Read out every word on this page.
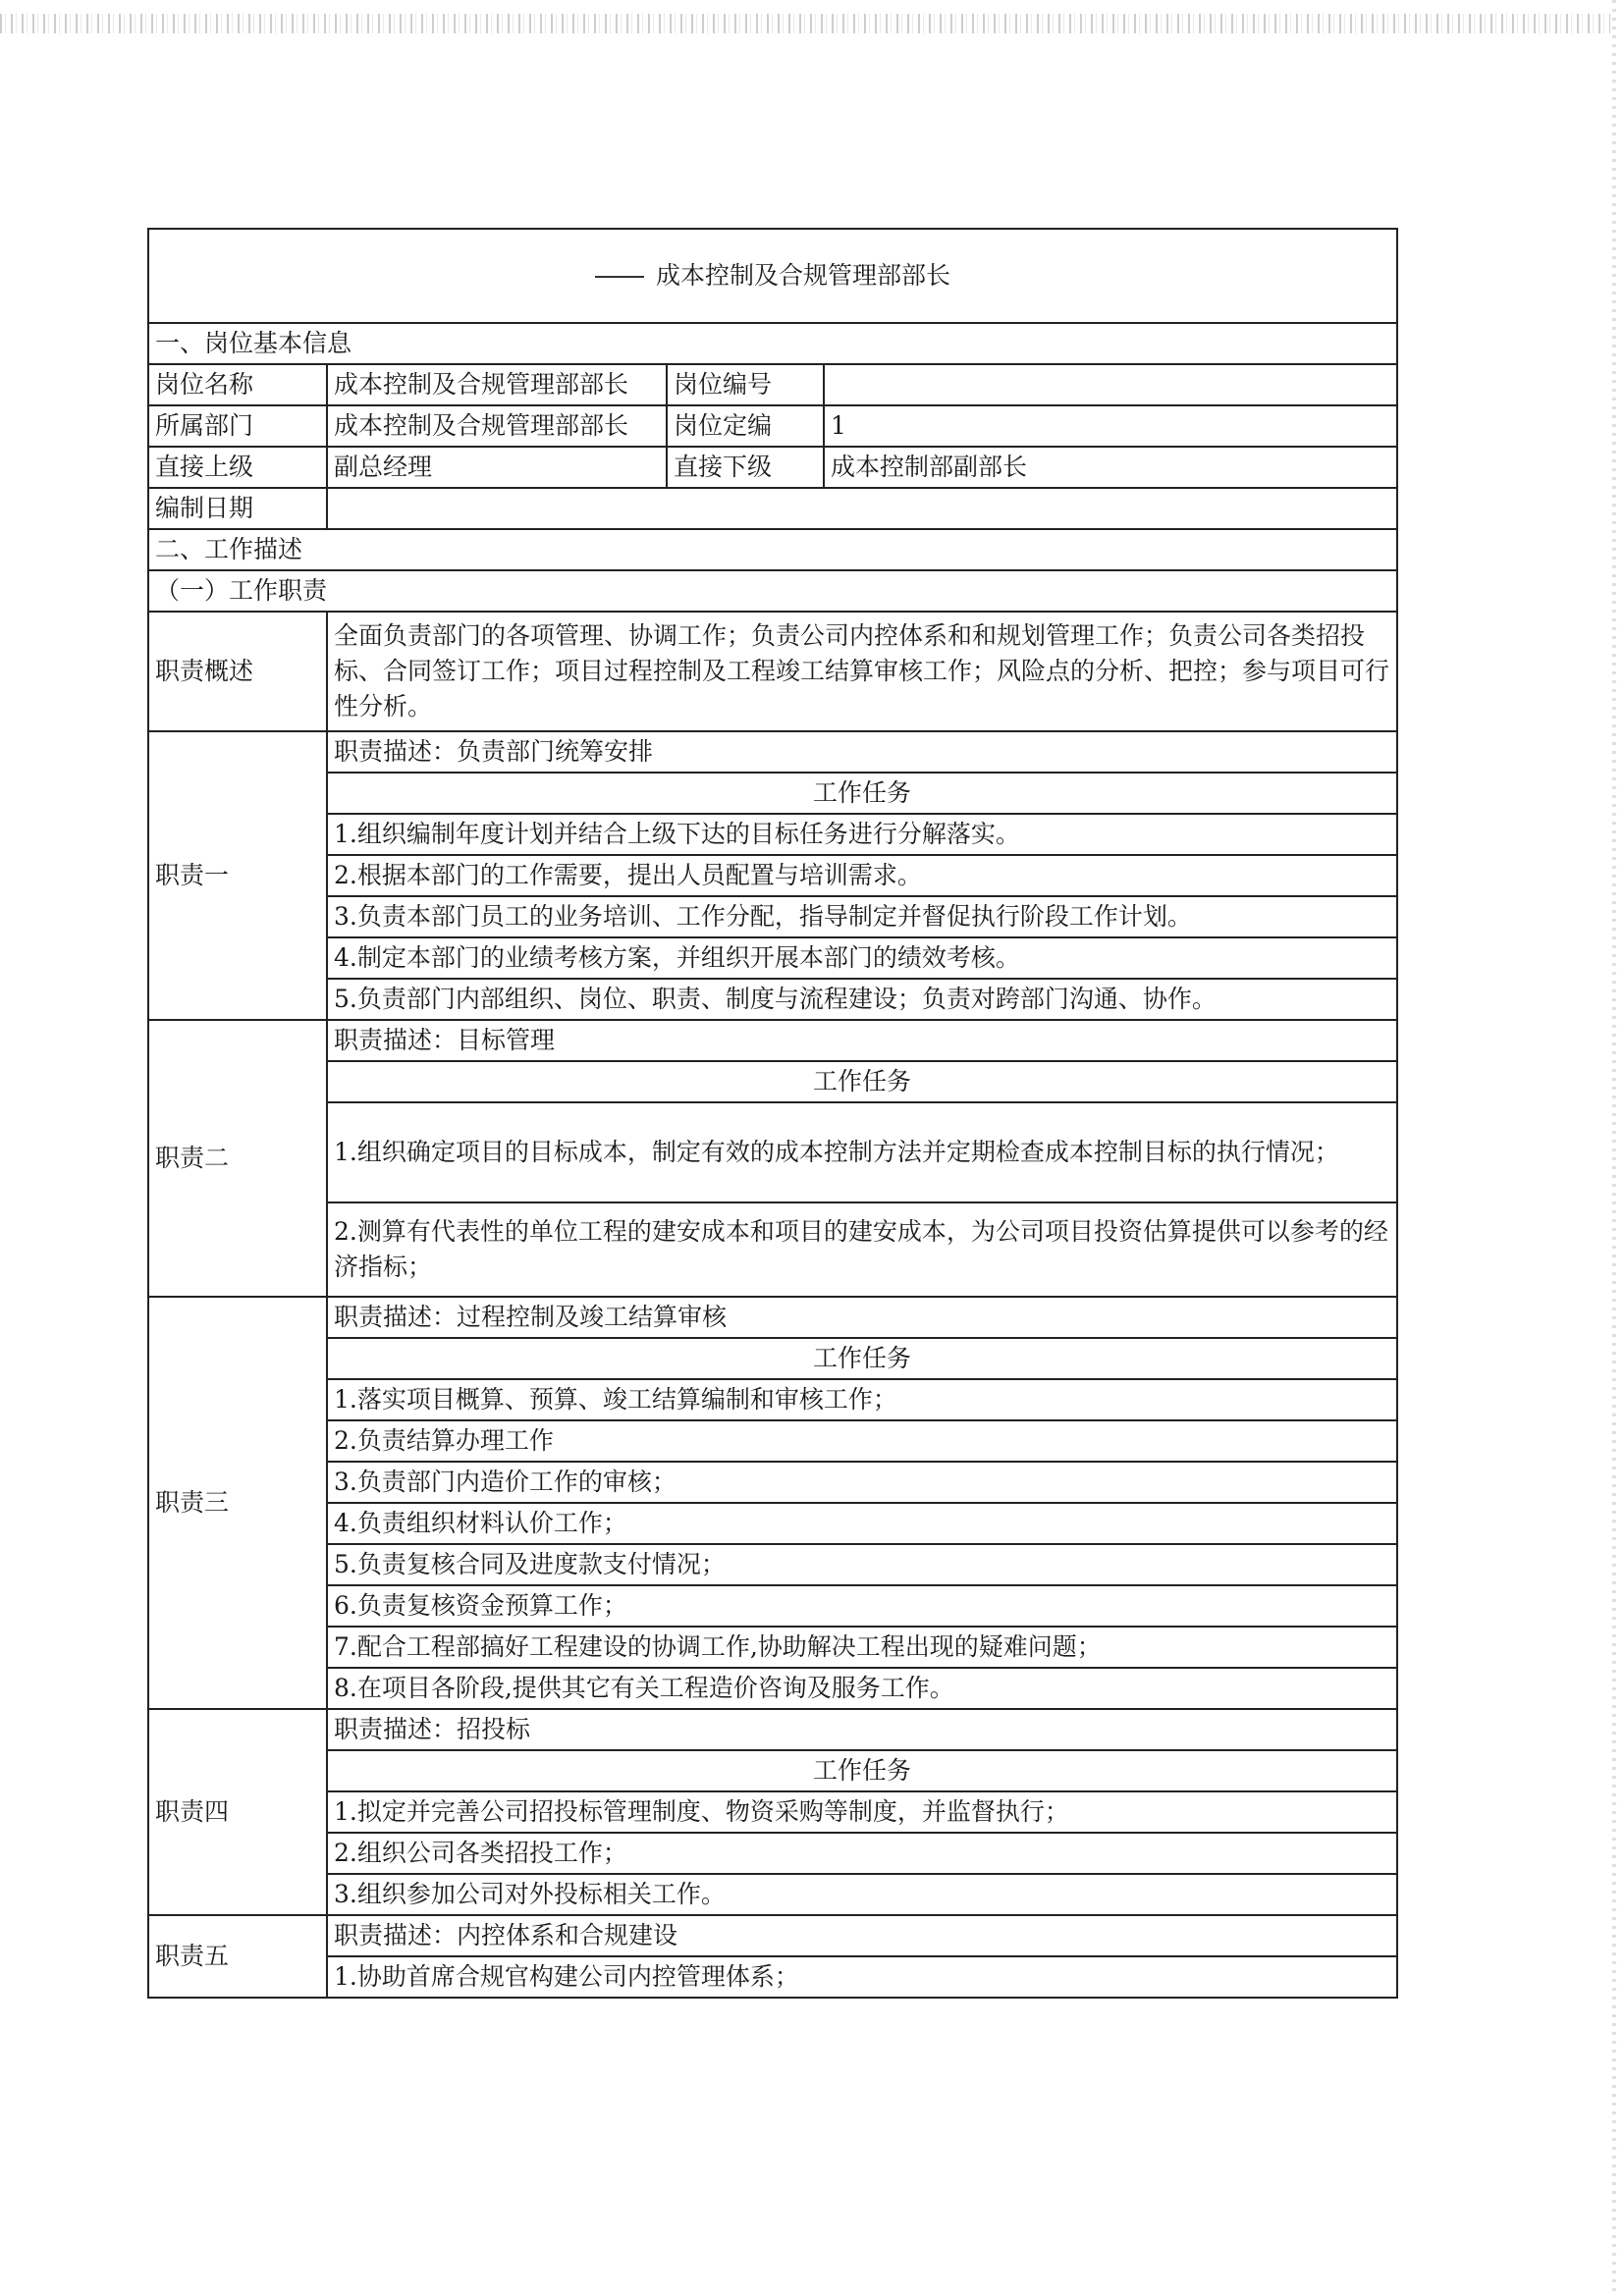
成本控制及合规管理部部长			
一、岗位基本信息			
岗位名称	成本控制及合规管理部部长	岗位编号	
所属部门	成本控制及合规管理部部长	岗位定编	1
直接上级	副总经理	直接下级	成本控制部副部长
编制日期			
二、工作描述			
（一）工作职责			
职责概述	全面负责部门的各项管理、协调工作；负责公司内控体系和和规划管理工作；负责公司各类招投标、合同签订工作；项目过程控制及工程竣工结算审核工作；风险点的分析、把控；参与项目可行性分析。		
职责一	职责描述：负责部门统筹安排		
	工作任务		
	1.组织编制年度计划并结合上级下达的目标任务进行分解落实。		
	2.根据本部门的工作需要，提出人员配置与培训需求。		
	3.负责本部门员工的业务培训、工作分配，指导制定并督促执行阶段工作计划。		
	4.制定本部门的业绩考核方案，并组织开展本部门的绩效考核。		
	5.负责部门内部组织、岗位、职责、制度与流程建设；负责对跨部门沟通、协作。		
职责二	职责描述：目标管理		
	工作任务		
	1.组织确定项目的目标成本，制定有效的成本控制方法并定期检查成本控制目标的执行情况；		
	2.测算有代表性的单位工程的建安成本和项目的建安成本，为公司项目投资估算提供可以参考的经济指标；		
职责三	职责描述：过程控制及竣工结算审核		
	工作任务		
	1.落实项目概算、预算、竣工结算编制和审核工作；		
	2.负责结算办理工作		
	3.负责部门内造价工作的审核；		
	4.负责组织材料认价工作；		
	5.负责复核合同及进度款支付情况；		
	6.负责复核资金预算工作；		
	7.配合工程部搞好工程建设的协调工作,协助解决工程出现的疑难问题；		
	8.在项目各阶段,提供其它有关工程造价咨询及服务工作。		
职责四	职责描述：招投标		
	工作任务		
	1.拟定并完善公司招投标管理制度、物资采购等制度，并监督执行；		
	2.组织公司各类招投工作；		
	3.组织参加公司对外投标相关工作。		
职责五	职责描述：内控体系和合规建设		
	1.协助首席合规官构建公司内控管理体系；		
